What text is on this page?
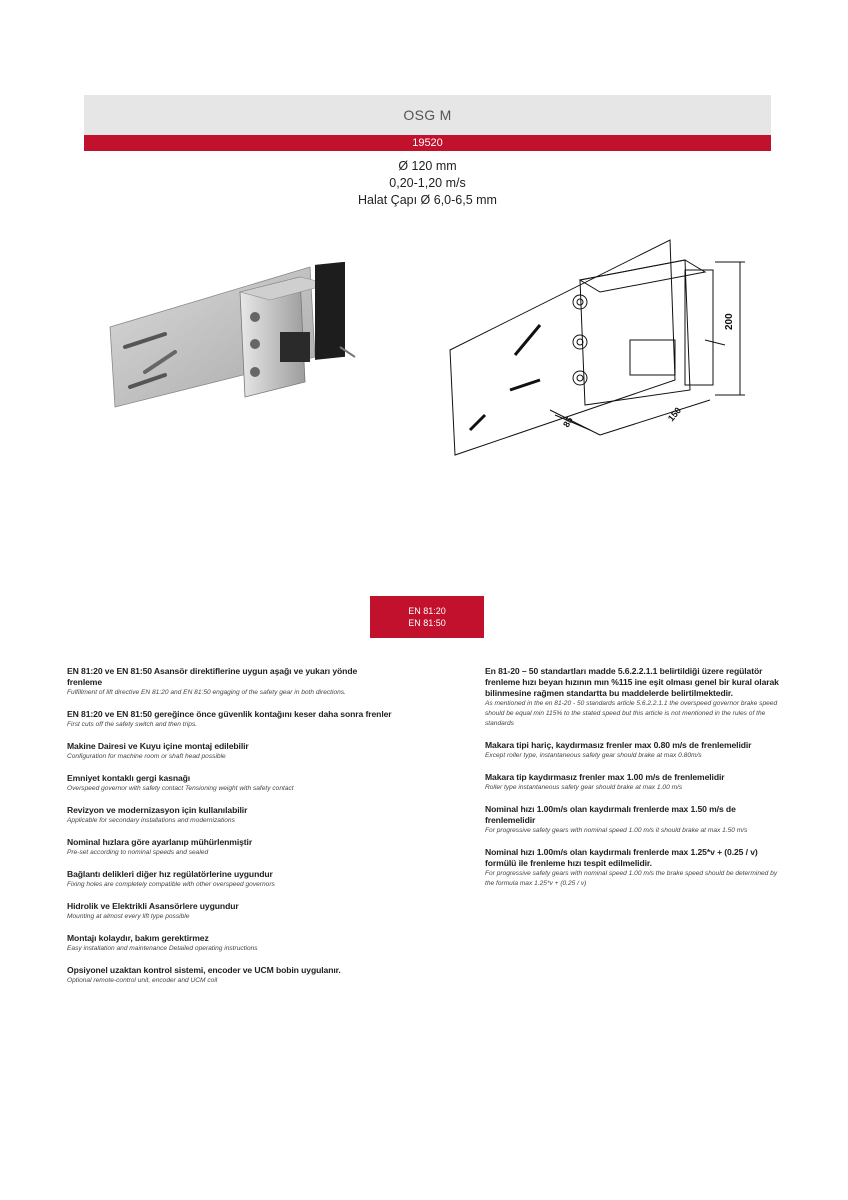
OSG M
19520
Ø 120 mm
0,20-1,20 m/s
Halat Çapı Ø 6,0-6,5 mm
200
85	150
EN 81:20
EN 81:50
EN 81:20 ve EN 81:50 Asansör direktiflerine uygun aşağı ve yukarı yönde frenleme
Fulfillment of lift directive EN 81:20 and EN 81:50 engaging of the safety gear in both directions.
EN 81:20 ve EN 81:50 gereğince önce güvenlik kontağını keser daha sonra frenler
First cuts off the safety switch and then trips.
Makine Dairesi ve Kuyu içine montaj edilebilir
Configuration for machine room or shaft head possible
Emniyet kontaklı gergi kasnağı
Overspeed governor with safety contact Tensioning weight with safety contact
Revizyon ve modernizasyon için kullanılabilir
Applicable for secondary installations and modernizations
Nominal hızlara göre ayarlanıp mühürlenmiştir
Pre-set according to nominal speeds and sealed
Bağlantı delikleri diğer hız regülatörlerine uygundur
Fixing holes are completely compatible with other overspeed governors
Hidrolik ve Elektrikli Asansörlere uygundur
Mounting at almost every lift type possible
Montajı kolaydır, bakım gerektirmez
Easy installation and maintenance Detailed operating instructions
Opsiyonel uzaktan kontrol sistemi, encoder ve UCM bobin uygulanır.
Optional remote-control unit, encoder and UCM coil
En 81-20 – 50 standartları madde 5.6.2.2.1.1 belirtildiği üzere regülatör frenleme hızı beyan hızının mın %115 ine eşit olması genel bir kural olarak bilinmesine rağmen standartta bu maddelerde belirtilmektedir.
As mentioned in the en 81-20 - 50 standards article 5.6.2.2.1.1 the overspeed governor brake speed should be equal min 115% to the stated speed but this article is not mentioned in the rules of the standards
Makara tipi hariç, kaydırmasız frenler max 0.80 m/s de frenlemelidir
Except roller type, instantaneous safety gear should brake at max 0.80m/s
Makara tip kaydırmasız frenler max 1.00 m/s de frenlemelidir
Roller type instantaneous safety gear should brake at max 1.00 m/s
Nominal hızı 1.00m/s olan kaydırmalı frenlerde max 1.50 m/s de frenlemelidir
For progressive safety gears with nominal speed 1.00 m/s it should brake at max 1.50 m/s
Nominal hızı 1.00m/s olan kaydırmalı frenlerde max 1.25*v + (0.25 / v) formülü ile frenleme hızı tespit edilmelidir.
For progressive safety gears with nominal speed 1.00 m/s the brake speed should be determined by the formula max 1.25*v + (0.25 / v)
